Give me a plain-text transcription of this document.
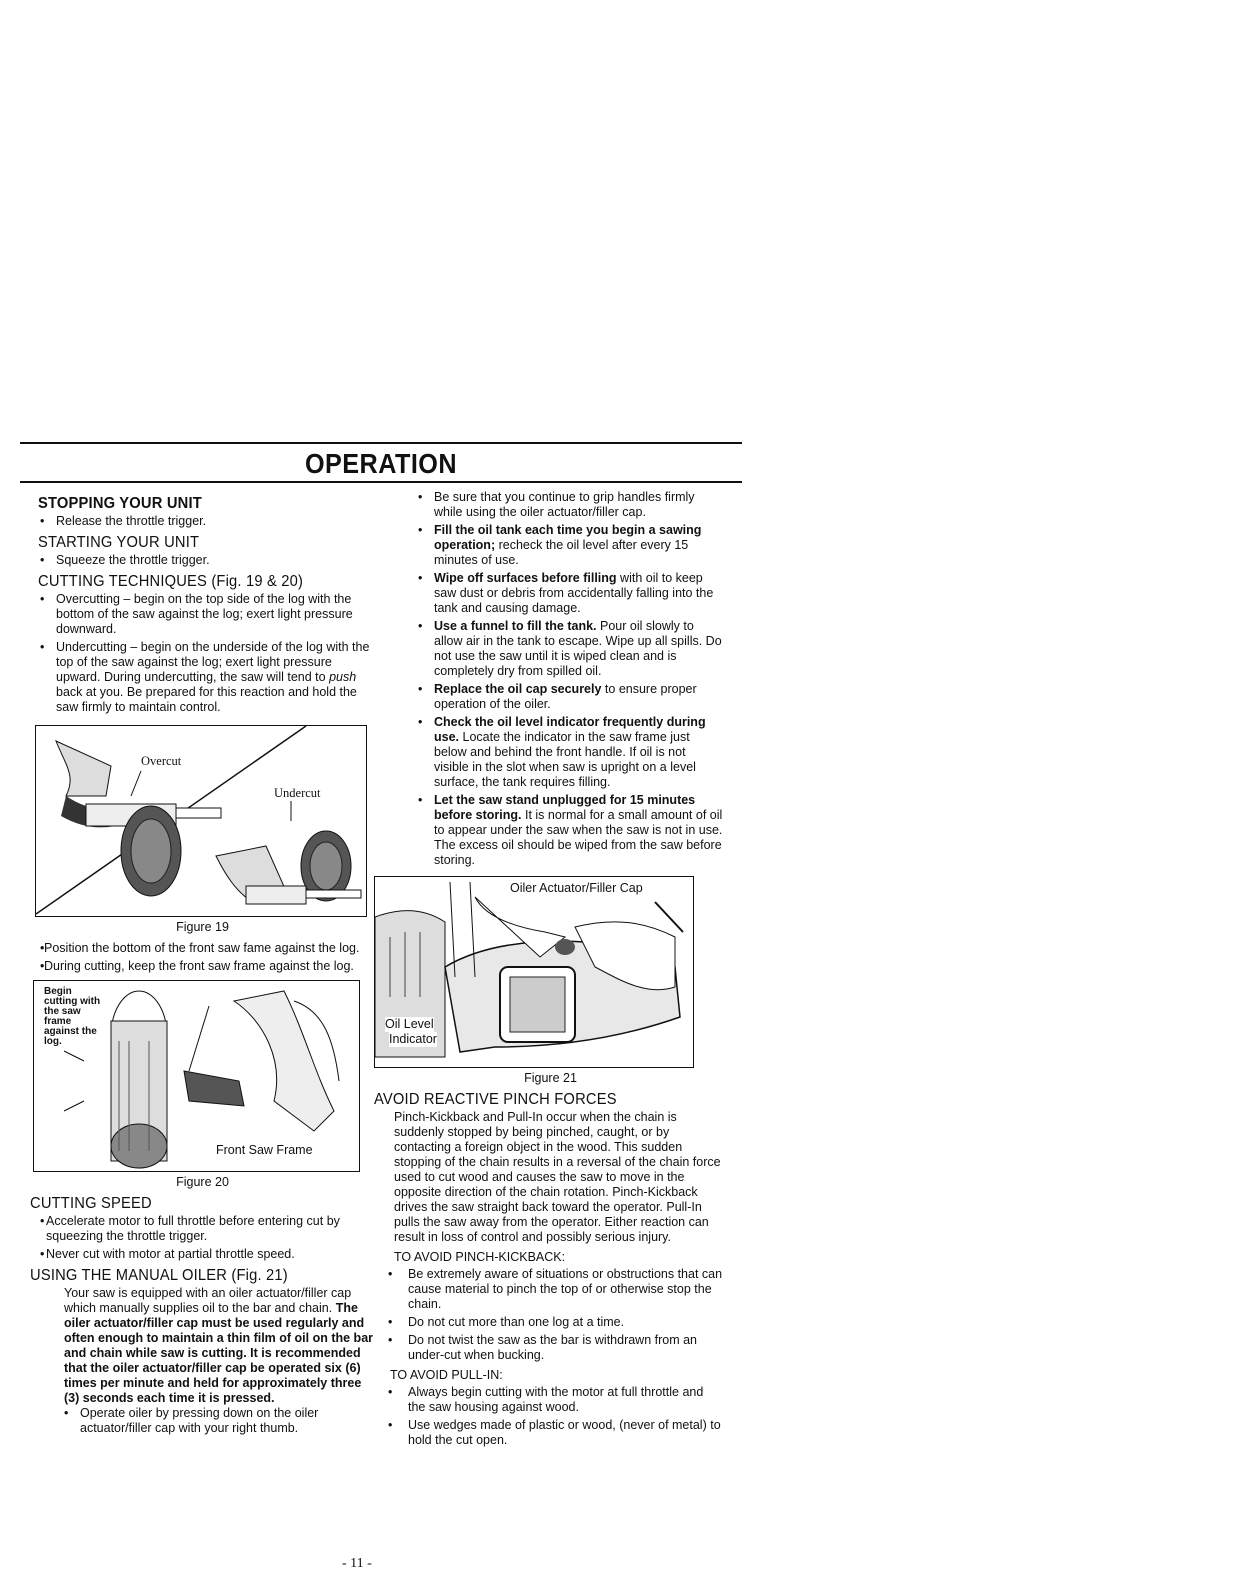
OPERATION
STOPPING YOUR UNIT
• Release the throttle trigger.
STARTING YOUR UNIT
• Squeeze the throttle trigger.
CUTTING TECHNIQUES (Fig. 19 & 20)
• Overcutting – begin on the top side of the log with the bottom of the saw against the log; exert light pressure downward.
• Undercutting – begin on the underside of the log with the top of the saw against the log; exert light pressure upward. During undercutting, the saw will tend to push back at you. Be prepared for this reaction and hold the saw firmly to maintain control.
Overcut
Undercut
Figure 19
• Position the bottom of the front saw fame against the log.
• During cutting, keep the front saw frame against the log.
Begin cutting with the saw frame against the log.
Front Saw Frame
Figure 20
CUTTING SPEED
• Accelerate motor to full throttle before entering cut by squeezing the throttle trigger.
• Never cut with motor at partial throttle speed.
USING THE MANUAL OILER (Fig. 21)
Your saw is equipped with an oiler actuator/filler cap which manually supplies oil to the bar and chain. The oiler actuator/filler cap must be used regularly and often enough to maintain a thin film of oil on the bar and chain while saw is cutting. It is recommended that the oiler actuator/filler cap be operated six (6) times per minute and held for approximately three (3) seconds each time it is pressed.
• Operate oiler by pressing down on the oiler actuator/filler cap with your right thumb.
• Be sure that you continue to grip handles firmly while using the oiler actuator/filler cap.
• Fill the oil tank each time you begin a sawing operation; recheck the oil level after every 15 minutes of use.
• Wipe off surfaces before filling with oil to keep saw dust or debris from accidentally falling into the tank and causing damage.
• Use a funnel to fill the tank. Pour oil slowly to allow air in the tank to escape. Wipe up all spills. Do not use the saw until it is wiped clean and is completely dry from spilled oil.
• Replace the oil cap securely to ensure proper operation of the oiler.
• Check the oil level indicator frequently during use. Locate the indicator in the saw frame just below and behind the front handle. If oil is not visible in the slot when saw is upright on a level surface, the tank requires filling.
• Let the saw stand unplugged for 15 minutes before storing. It is normal for a small amount of oil to appear under the saw when the saw is not in use. The excess oil should be wiped from the saw before storing.
Oiler Actuator/Filler Cap
Oil Level
Indicator
Figure 21
AVOID REACTIVE PINCH FORCES
Pinch-Kickback and Pull-In occur when the chain is suddenly stopped by being pinched, caught, or by contacting a foreign object in the wood. This sudden stopping of the chain results in a reversal of the chain force used to cut wood and causes the saw to move in the opposite direction of the chain rotation. Pinch-Kickback drives the saw straight back toward the operator. Pull-In pulls the saw away from the operator. Either reaction can result in loss of control and possibly serious injury.
TO AVOID PINCH-KICKBACK:
• Be extremely aware of situations or obstructions that can cause material to pinch the top of or otherwise stop the chain.
• Do not cut more than one log at a time.
• Do not twist the saw as the bar is withdrawn from an under-cut when bucking.
TO AVOID PULL-IN:
• Always begin cutting with the motor at full throttle and the saw housing against wood.
• Use wedges made of plastic or wood, (never of metal) to hold the cut open.
- 11 -
